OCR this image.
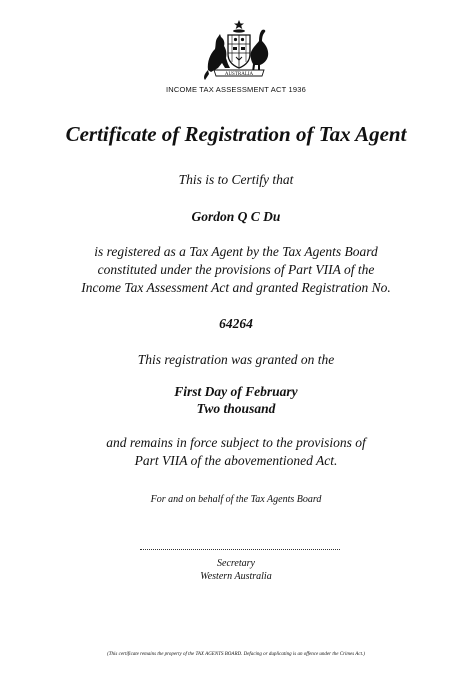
AUSTRALIA
INCOME TAX ASSESSMENT ACT 1936
Certificate of Registration of Tax Agent
This is to Certify that
Gordon Q C Du
is registered as a Tax Agent by the Tax Agents Board
constituted under the provisions of Part VIIA of the
Income Tax Assessment Act and granted Registration No.
64264
This registration was granted on the
First Day of February
Two thousand
and remains in force subject to the provisions of
Part VIIA of the abovementioned Act.
For and on behalf of the Tax Agents Board
Secretary
Western Australia
(This certificate remains the property of the TAX AGENTS BOARD. Defacing or duplicating is an offence under the Crimes Act.)
